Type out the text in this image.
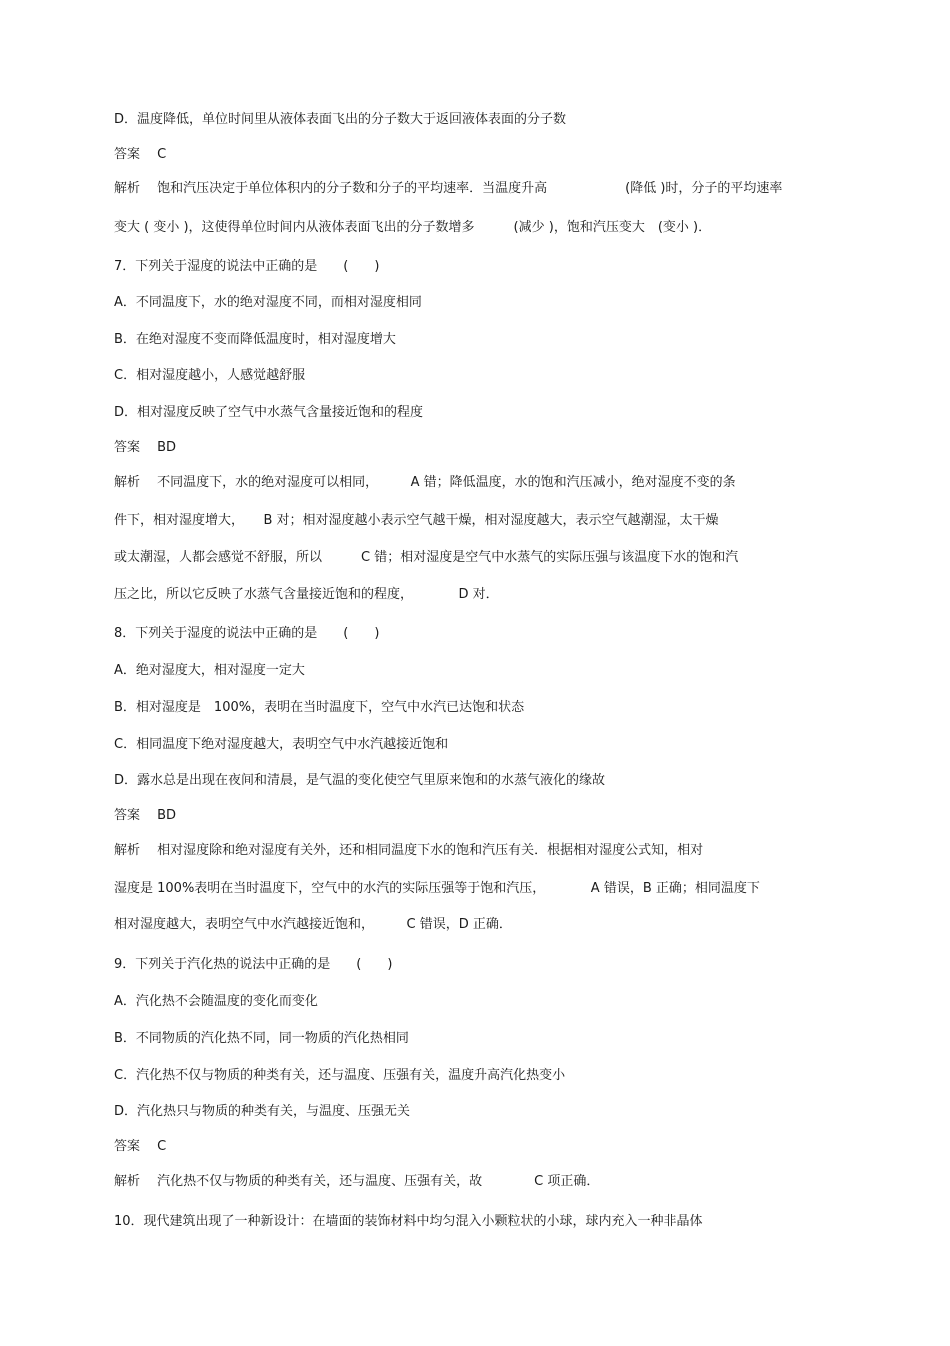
D．温度降低，单位时间里从液体表面飞出的分子数大于返回液体表面的分子数
答案　 C
解析　 饱和汽压决定于单位体积内的分子数和分子的平均速率．当温度升高　　　　　　(降低 )时，分子的平均速率
变大 ( 变小 )，这使得单位时间内从液体表面飞出的分子数增多　　　(减少 )，饱和汽压变大　(变小 )．
7．下列关于湿度的说法中正确的是　　(　　)
A．不同温度下，水的绝对湿度不同，而相对湿度相同
B．在绝对湿度不变而降低温度时，相对湿度增大
C．相对湿度越小，人感觉越舒服
D．相对湿度反映了空气中水蒸气含量接近饱和的程度
答案　 BD
解析　 不同温度下，水的绝对湿度可以相同，　　　A 错；降低温度，水的饱和汽压减小，绝对湿度不变的条
件下，相对湿度增大，　　B 对；相对湿度越小表示空气越干燥，相对湿度越大，表示空气越潮湿，太干燥
或太潮湿，人都会感觉不舒服，所以　　　C 错；相对湿度是空气中水蒸气的实际压强与该温度下水的饱和汽
压之比，所以它反映了水蒸气含量接近饱和的程度，　　　　D 对．
8．下列关于湿度的说法中正确的是　　(　　)
A．绝对湿度大，相对湿度一定大
B．相对湿度是　100%，表明在当时温度下，空气中水汽已达饱和状态
C．相同温度下绝对湿度越大，表明空气中水汽越接近饱和
D．露水总是出现在夜间和清晨，是气温的变化使空气里原来饱和的水蒸气液化的缘故
答案　 BD
解析　 相对湿度除和绝对湿度有关外，还和相同温度下水的饱和汽压有关．根据相对湿度公式知，相对
湿度是 100%表明在当时温度下，空气中的水汽的实际压强等于饱和汽压，　　　　A 错误，B 正确；相同温度下
相对湿度越大，表明空气中水汽越接近饱和，　　　C 错误，D 正确．
9．下列关于汽化热的说法中正确的是　　(　　)
A．汽化热不会随温度的变化而变化
B．不同物质的汽化热不同，同一物质的汽化热相同
C．汽化热不仅与物质的种类有关，还与温度、压强有关，温度升高汽化热变小
D．汽化热只与物质的种类有关，与温度、压强无关
答案　 C
解析　 汽化热不仅与物质的种类有关，还与温度、压强有关，故　　　　C 项正确．
10．现代建筑出现了一种新设计：在墙面的装饰材料中均匀混入小颗粒状的小球，球内充入一种非晶体
